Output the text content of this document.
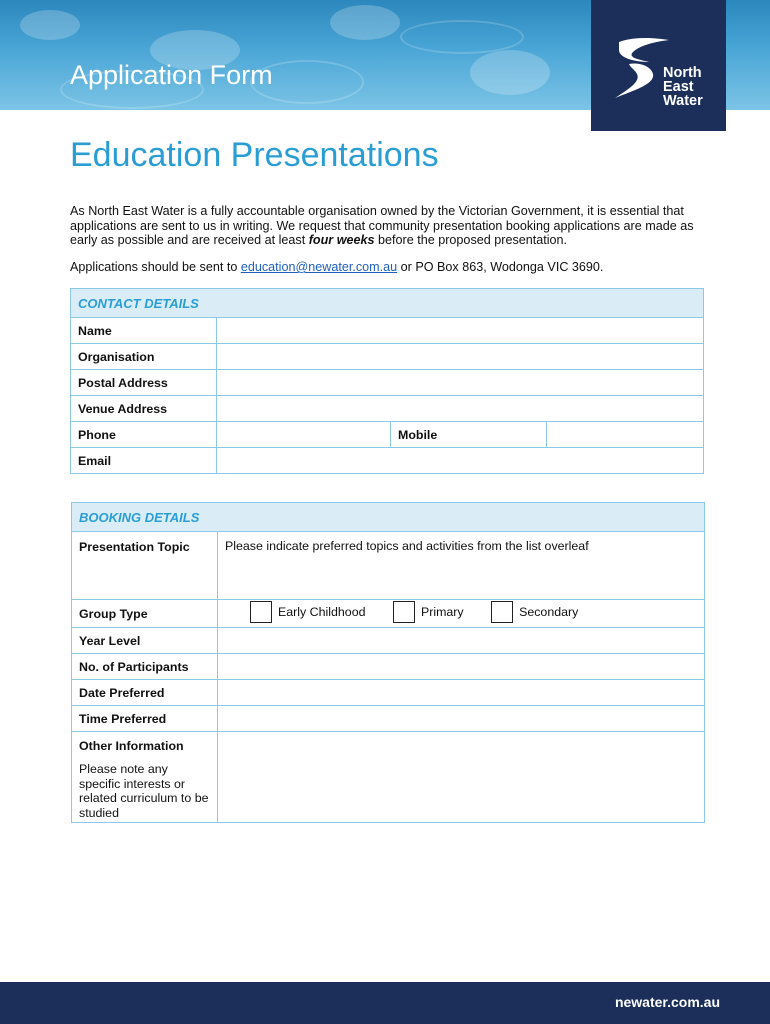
Application Form	North
East
Water
Education Presentations

As North East Water is a fully accountable organisation owned by the Victorian Government, it is essential that applications are sent to us in writing. We request that community presentation booking applications are made as early as possible and are received at least four weeks before the proposed presentation.

Applications should be sent to education@newater.com.au or PO Box 863, Wodonga VIC 3690.

CONTACT DETAILS			
Name			
Organisation			
Postal Address			
Venue Address			
Phone		Mobile	
Email			
BOOKING DETAILS	
Presentation Topic	Please indicate preferred topics and activities from the list overleaf
Group Type	Early Childhood
Primary
Secondary

Year Level	
No. of Participants	
Date Preferred	
Time Preferred	
Other Information
Please note any specific interests or related curriculum to be studied	

newater.com.au
